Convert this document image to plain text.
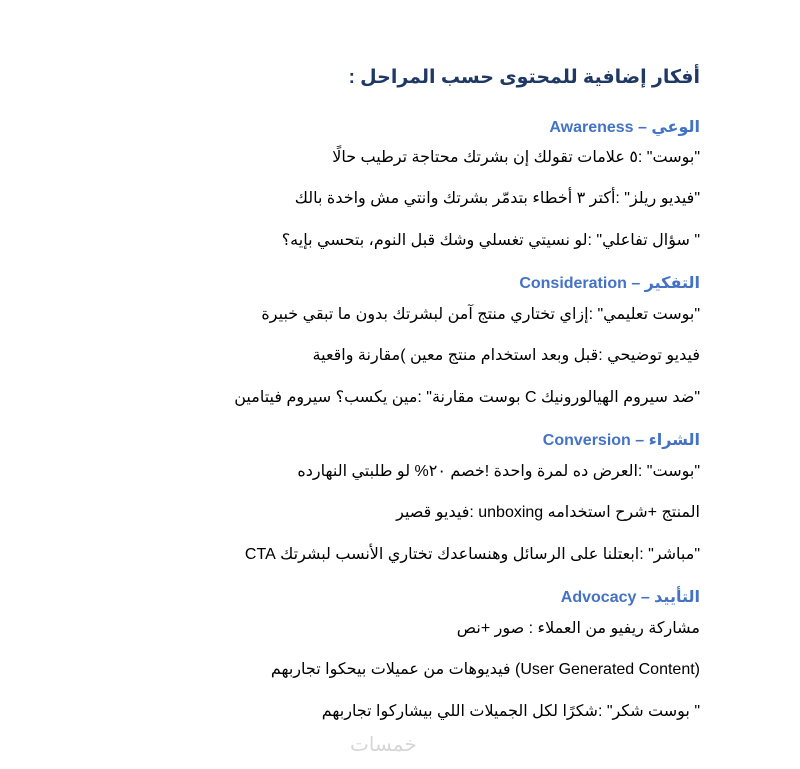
أفكار إضافية للمحتوى حسب المراحل :
الوعي – Awareness

"بوست" :٥ علامات تقولك إن بشرتك محتاجة ترطيب حالًا

"فيديو ريلز" :أكتر ٣ أخطاء بتدمّر بشرتك وانتي مش واخدة بالك

" سؤال تفاعلي" :لو نسيتي تغسلي وشك قبل النوم، بتحسي بإيه؟

التفكير – Consideration

"بوست تعليمي" :إزاي تختاري منتج آمن لبشرتك بدون ما تبقي خبيرة

فيديو توضيحي :قبل وبعد استخدام منتج معين )مقارنة واقعية

"ضد سيروم الهيالورونيك C بوست مقارنة" :مين يكسب؟ سيروم فيتامين

الشراء – Conversion

"بوست" :العرض ده لمرة واحدة !خصم ٢٠% لو طلبتي النهارده

المنتج +شرح استخدامه unboxing :فيديو قصير

"مباشر" :ابعتلنا على الرسائل وهنساعدك تختاري الأنسب لبشرتك CTA

التأييد – Advocacy

مشاركة ريفيو من العملاء : صور +نص

(User Generated Content) فيديوهات من عميلات بيحكوا تجاربهم

" بوست شكر" :شكرًا لكل الجميلات اللي بيشاركوا تجاربهم

خمسات
